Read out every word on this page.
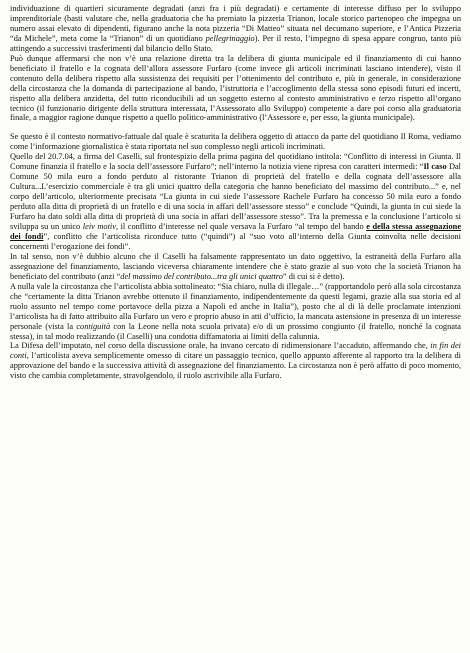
individuazione di quartieri sicuramente degradati (anzi fra i più degradati) e certamente di interesse diffuso per lo sviluppo imprenditoriale (basti valutare che, nella graduatoria che ha premiato la pizzeria Trianon, locale storico partenopeo che impegna un numero assai elevato di dipendenti, figurano anche la nota pizzeria “Di Matteo” situata nel decumano superiore, e l’Antica Pizzeria “da Michele”, meta come la “Trianon” di un quotidiano pellegrinaggio). Per il resto, l’impegno di spesa appare congruo, tanto più attingendo a successivi trasferimenti dal bilancio dello Stato.

Può dunque affermarsi che non v’è una relazione diretta tra la delibera di giunta municipale ed il finanziamento di cui hanno beneficiato il fratello e la cognata dell’allora assessore Furfaro (come invece gli articoli incriminati lasciano intendere), visto il contenuto della delibera rispetto alla sussistenza dei requisiti per l’ottenimento del contributo e, più in generale, in considerazione della circostanza che la domanda di partecipazione al bando, l’istruttoria e l’accoglimento della stessa sono episodi futuri ed incerti, rispetto alla delibera anzidetta, del tutto riconducibili ad un soggetto esterno al contesto amministrativo e terzo rispetto all’organo tecnico (il funzionario dirigente della struttura interessata, l’Assessorato allo Sviluppo) competente a dare poi corso alla graduatoria finale, a maggior ragione dunque rispetto a quello politico-amministrativo (l’Assessore e, per esso, la giunta municipale).

Se questo è il contesto normativo-fattuale dal quale è scaturita la delibera oggetto di attacco da parte del quotidiano Il Roma, vediamo come l’informazione giornalistica è stata riportata nel suo complesso negli articoli incriminati.

Quello del 20.7.04, a firma del Caselli, sul frontespizio della prima pagina del quotidiano intitola: “Conflitto di interessi in Giunta. Il Comune finanzia il fratello e la socia dell’assessore Furfaro”; nell’interno la notizia viene ripresa con caratteri intermedi: “Il caso Dal Comune 50 mila euro a fondo perduto al ristorante Trianon di proprietà del fratello e della cognata dell’assessore alla Cultura...L’esercizio commerciale è tra gli unici quattro della categoria che hanno beneficiato del massimo del contributo...” e, nel corpo dell’articolo, ulteriormente precisata “La giunta in cui siede l’assessore Rachele Furfaro ha concesso 50 mila euro a fondo perduto alla ditta di proprietà di un fratello e di una socia in affari dell’assessore stesso” e conclude “Quindi, la giunta in cui siede la Furfaro ha dato soldi alla ditta di proprietà di una socia in affari dell’assessore stesso”. Tra la premessa e la conclusione l’articolo si sviluppa su un unico leiv motiv, il conflitto d’interesse nel quale versava la Furfaro “al tempo del bando e della stessa assegnazione dei fondi”, conflitto che l’articolista riconduce tutto (“quindi”) al “suo voto all’interno della Giunta coinvolta nelle decisioni concernenti l’erogazione dei fondi”.

In tal senso, non v’è dubbio alcuno che il Caselli ha falsamente rappresentato un dato oggettivo, la estraneità della Furfaro alla assegnazione del finanziamento, lasciando viceversa chiaramente intendere che è stato grazie al suo voto che la società Trianon ha beneficiato del contributo (anzi “del massimo del contributo...tra gli unici quattro” di cui si è detto).

A nulla vale la circostanza che l’articolista abbia sottolineato: “Sia chiaro, nulla di illegale…” (rapportandolo però alla sola circostanza che “certamente la ditta Trianon avrebbe ottenuto il finanziamento, indipendentemente da questi legami, grazie alla sua storia ed al ruolo assunto nel tempo come portavoce della pizza a Napoli ed anche in Italia”), posto che al di là delle proclamate intenzioni l’articolista ha di fatto attribuito alla Furfaro un vero e proprio abuso in atti d’ufficio, la mancata astensione in presenza di un interesse personale (vista la contiguità con la Leone nella nota scuola privata) e/o di un prossimo congiunto (il fratello, nonché la cognata stessa), in tal modo realizzando (il Caselli) una condotta diffamatoria ai limiti della calunnia.

La Difesa dell’imputato, nel corso della discussione orale, ha invano cercato di ridimensionare l’accaduto, affermando che, in fin dei conti, l’articolista aveva semplicemente omesso di citare un passaggio tecnico, quello appunto afferente al rapporto tra la delibera di approvazione del bando e la successiva attività di assegnazione del finanziamento. La circostanza non è però affatto di poco momento, visto che cambia completamente, stravolgendolo, il ruolo ascrivibile alla Furfaro.
